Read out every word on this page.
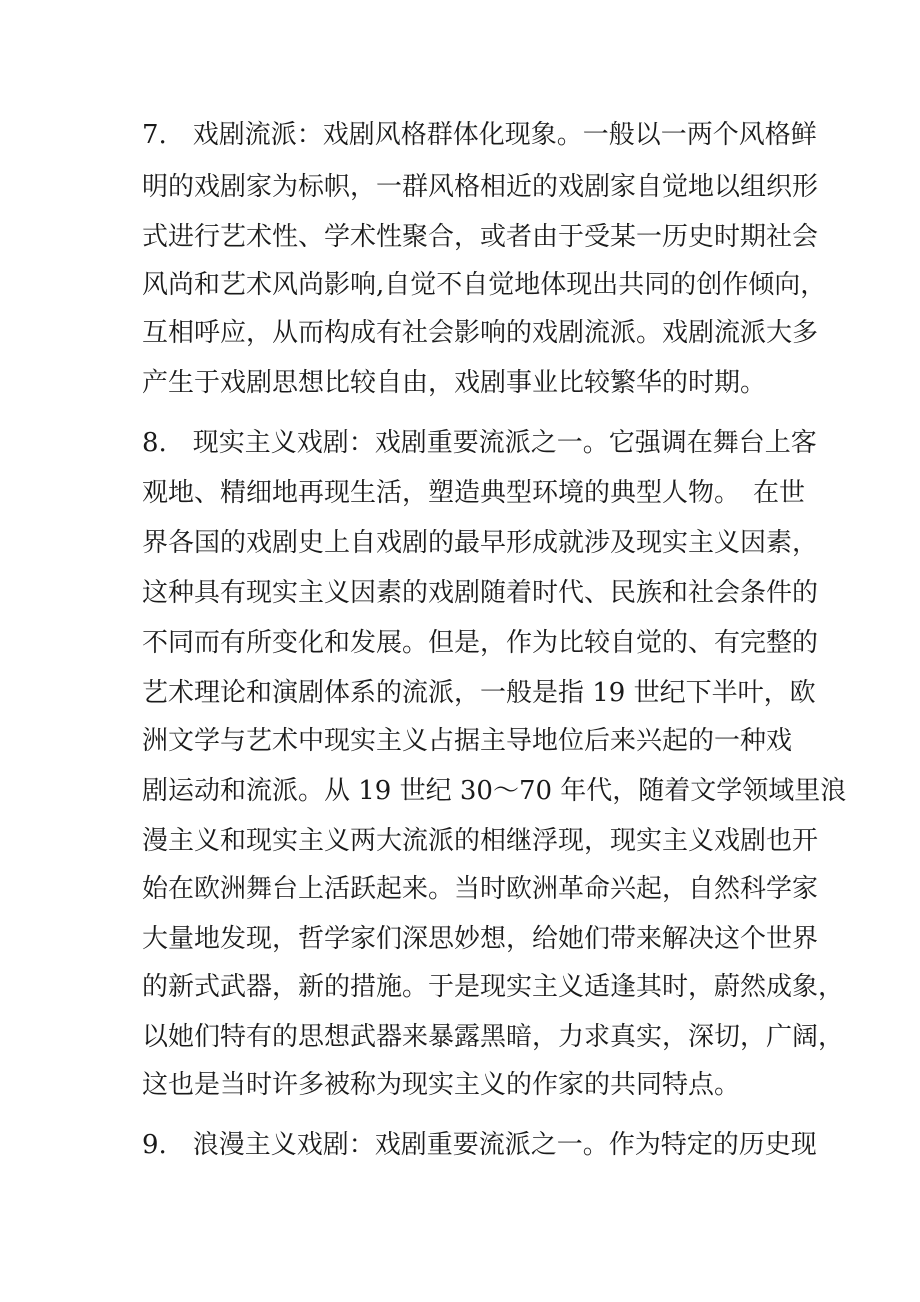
7.　戏剧流派：戏剧风格群体化现象。一般以一两个风格鲜
明的戏剧家为标帜，一群风格相近的戏剧家自觉地以组织形
式进行艺术性、学术性聚合，或者由于受某一历史时期社会
风尚和艺术风尚影响,自觉不自觉地体现出共同的创作倾向，
互相呼应，从而构成有社会影响的戏剧流派。戏剧流派大多
产生于戏剧思想比较自由，戏剧事业比较繁华的时期。
8.　现实主义戏剧：戏剧重要流派之一。它强调在舞台上客
观地、精细地再现生活，塑造典型环境的典型人物。　在世
界各国的戏剧史上自戏剧的最早形成就涉及现实主义因素，
这种具有现实主义因素的戏剧随着时代、民族和社会条件的
不同而有所变化和发展。但是，作为比较自觉的、有完整的
艺术理论和演剧体系的流派，一般是指 19 世纪下半叶，欧
洲文学与艺术中现实主义占据主导地位后来兴起的一种戏
剧运动和流派。从 19 世纪 30～70 年代，随着文学领域里浪
漫主义和现实主义两大流派的相继浮现，现实主义戏剧也开
始在欧洲舞台上活跃起来。当时欧洲革命兴起，自然科学家
大量地发现，哲学家们深思妙想，给她们带来解决这个世界
的新式武器，新的措施。于是现实主义适逢其时，蔚然成象，
以她们特有的思想武器来暴露黑暗，力求真实，深切，广阔，
这也是当时许多被称为现实主义的作家的共同特点。
9.　浪漫主义戏剧：戏剧重要流派之一。作为特定的历史现
